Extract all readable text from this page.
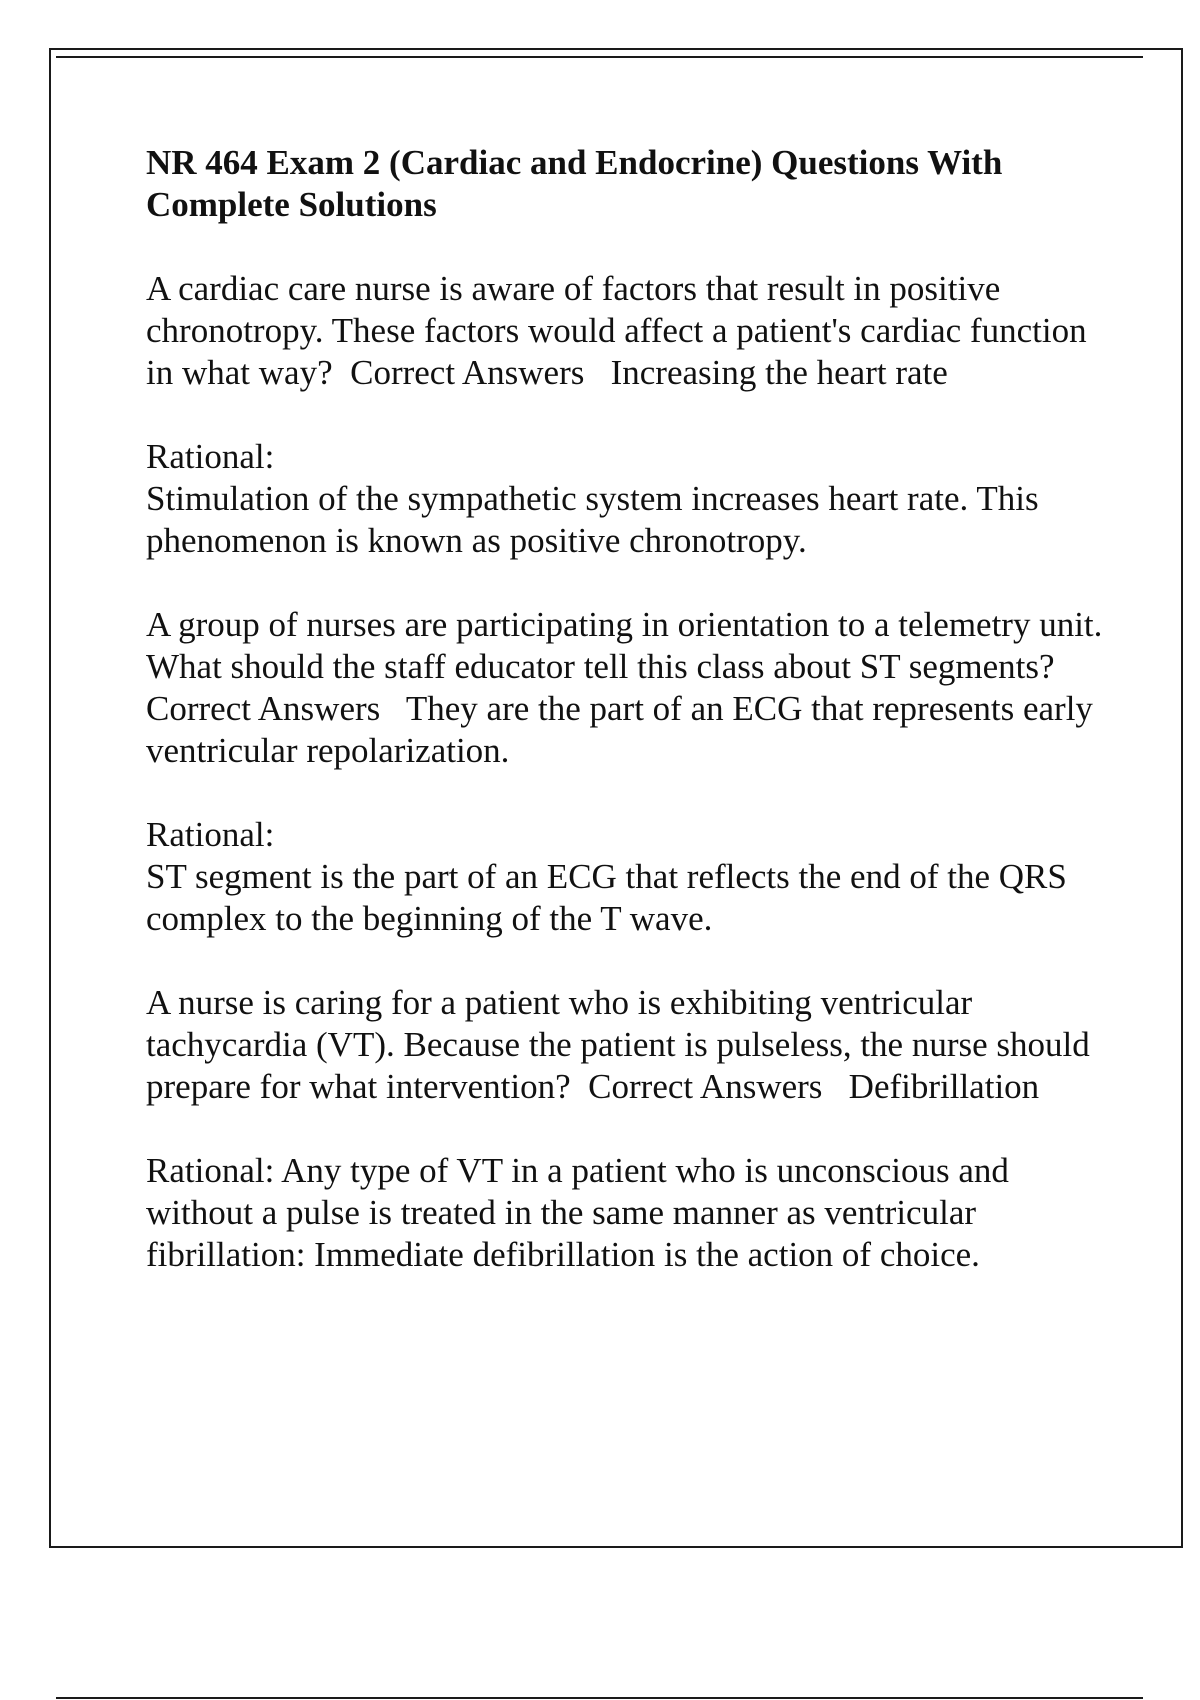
NR 464 Exam 2 (Cardiac and Endocrine) Questions With Complete Solutions
A cardiac care nurse is aware of factors that result in positive chronotropy. These factors would affect a patient's cardiac function in what way?  Correct Answers   Increasing the heart rate
Rational:
Stimulation of the sympathetic system increases heart rate. This phenomenon is known as positive chronotropy.
A group of nurses are participating in orientation to a telemetry unit. What should the staff educator tell this class about ST segments?  Correct Answers   They are the part of an ECG that represents early ventricular repolarization.
Rational:
ST segment is the part of an ECG that reflects the end of the QRS complex to the beginning of the T wave.
A nurse is caring for a patient who is exhibiting ventricular tachycardia (VT). Because the patient is pulseless, the nurse should prepare for what intervention?  Correct Answers   Defibrillation
Rational: Any type of VT in a patient who is unconscious and without a pulse is treated in the same manner as ventricular fibrillation: Immediate defibrillation is the action of choice.
